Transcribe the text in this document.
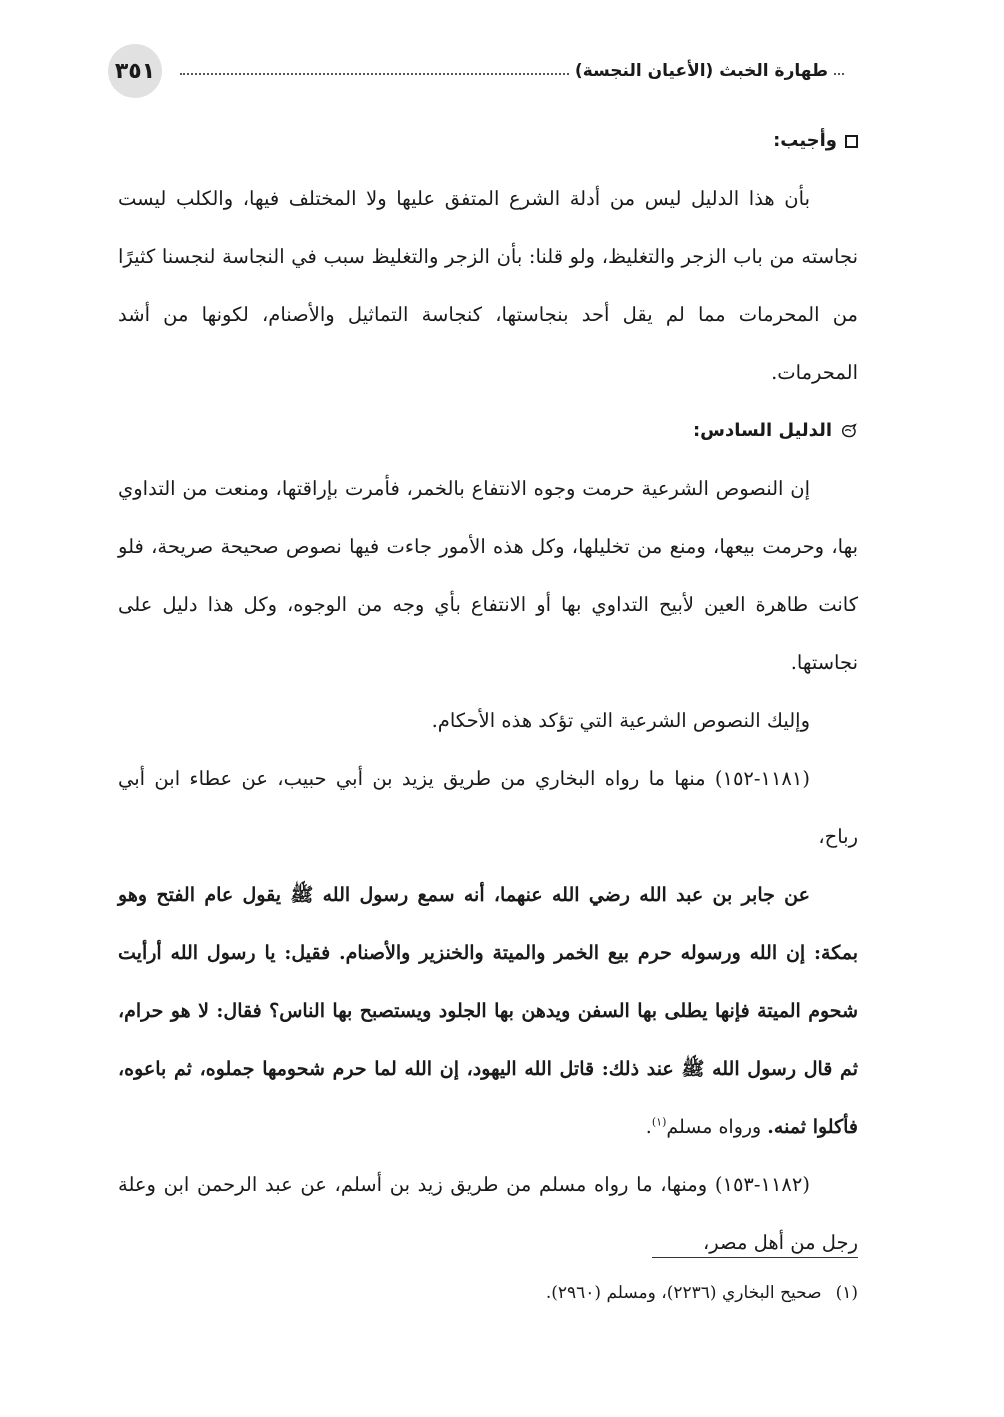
٣٥١	طهارة الخبث (الأعيان النجسة)

وأجيب:

بأن هذا الدليل ليس من أدلة الشرع المتفق عليها ولا المختلف فيها، والكلب ليست نجاسته من باب الزجر والتغليظ، ولو قلنا: بأن الزجر والتغليظ سبب في النجاسة لنجسنا كثيرًا من المحرمات مما لم يقل أحد بنجاستها، كنجاسة التماثيل والأصنام، لكونها من أشد المحرمات.

الدليل السادس:

إن النصوص الشرعية حرمت وجوه الانتفاع بالخمر، فأمرت بإراقتها، ومنعت من التداوي بها، وحرمت بيعها، ومنع من تخليلها، وكل هذه الأمور جاءت فيها نصوص صحيحة صريحة، فلو كانت طاهرة العين لأبيح التداوي بها أو الانتفاع بأي وجه من الوجوه، وكل هذا دليل على نجاستها.

وإليك النصوص الشرعية التي تؤكد هذه الأحكام.

(١١٨١-١٥٢) منها ما رواه البخاري من طريق يزيد بن أبي حبيب، عن عطاء ابن أبي رباح،

عن جابر بن عبد الله رضي الله عنهما، أنه سمع رسول الله ﷺ يقول عام الفتح وهو بمكة: إن الله ورسوله حرم بيع الخمر والميتة والخنزير والأصنام. فقيل: يا رسول الله أرأيت شحوم الميتة فإنها يطلى بها السفن ويدهن بها الجلود ويستصبح بها الناس؟ فقال: لا هو حرام، ثم قال رسول الله ﷺ عند ذلك: قاتل الله اليهود، إن الله لما حرم شحومها جملوه، ثم باعوه، فأكلوا ثمنه. ورواه مسلم$^{(١)}$.

(١١٨٢-١٥٣) ومنها، ما رواه مسلم من طريق زيد بن أسلم، عن عبد الرحمن ابن وعلة رجل من أهل مصر،

(١)صحيح البخاري (٢٢٣٦)، ومسلم (٢٩٦٠).
